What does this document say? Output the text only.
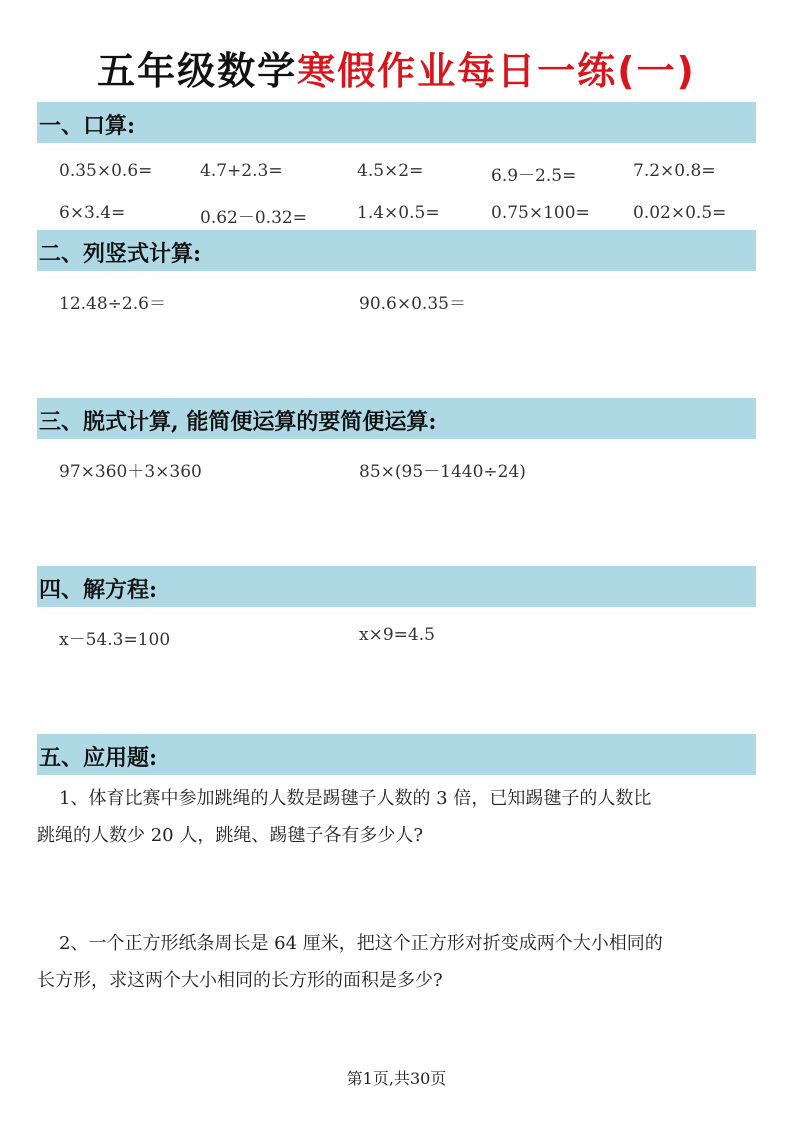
五年级数学寒假作业每日一练(一)
一、口算:
0.35×0.6=	4.7+2.3=	4.5×2=	6.9－2.5=	7.2×0.8=
6×3.4=	0.62－0.32=	1.4×0.5=	0.75×100=	0.02×0.5=
二、列竖式计算:
12.48÷2.6＝	90.6×0.35＝
三、脱式计算, 能简便运算的要简便运算:
97×360＋3×360	85×(95－1440÷24)
四、解方程:
x－54.3=100	x×9=4.5
五、应用题:
1、体育比赛中参加跳绳的人数是踢毽子人数的 3 倍，已知踢毽子的人数比
跳绳的人数少 20 人，跳绳、踢毽子各有多少人?
2、一个正方形纸条周长是 64 厘米，把这个正方形对折变成两个大小相同的
长方形，求这两个大小相同的长方形的面积是多少?
第1页,共30页
